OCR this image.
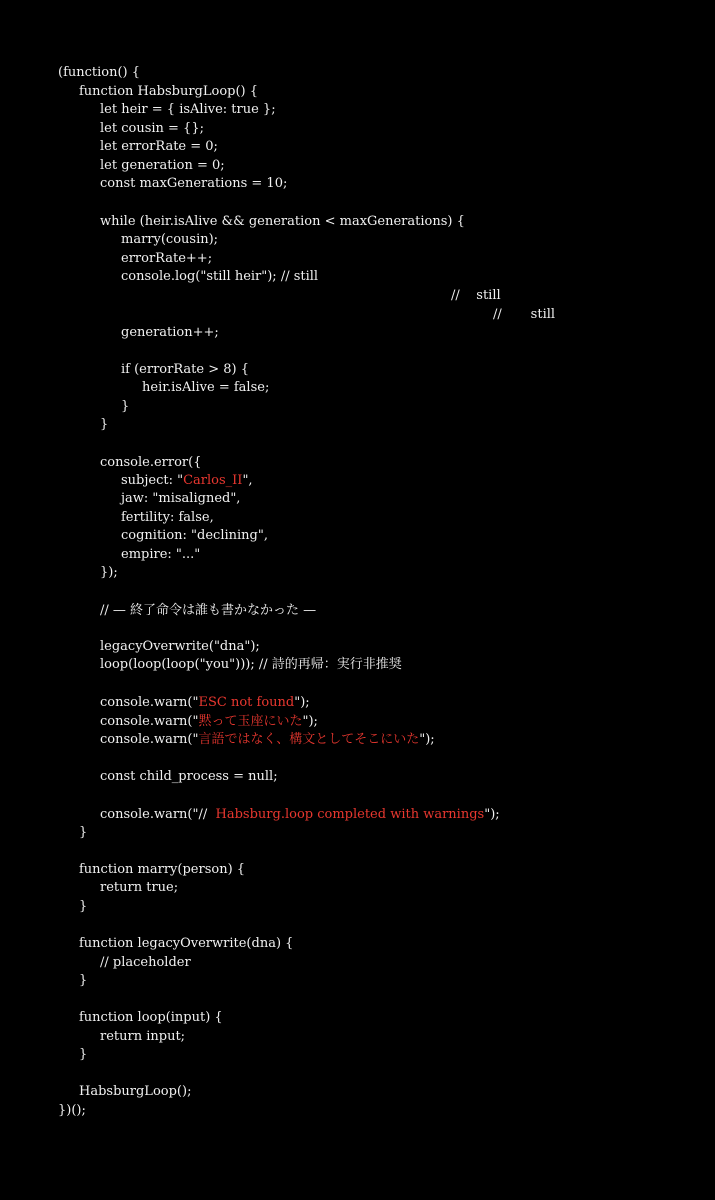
(function() {
function HabsburgLoop() {
let heir = { isAlive: true };
let cousin = {};
let errorRate = 0;
let generation = 0;
const maxGenerations = 10;
while (heir.isAlive && generation < maxGenerations) {
marry(cousin);
errorRate++;
console.log("still heir"); // still
//    still
//       still
generation++;
if (errorRate > 8) {
heir.isAlive = false;
}
}
console.error({
subject: "Carlos_II",
jaw: "misaligned",
fertility: false,
cognition: "declining",
empire: "..."
});
// — 終了命令は誰も書かなかった —
legacyOverwrite("dna");
loop(loop(loop("you"))); // 詩的再帰：実行非推奨
console.warn("ESC not found");
console.warn("黙って玉座にいた");
console.warn("言語ではなく、構文としてそこにいた");
const child_process = null;
console.warn("//  Habsburg.loop completed with warnings");
}
function marry(person) {
return true;
}
function legacyOverwrite(dna) {
// placeholder
}
function loop(input) {
return input;
}
HabsburgLoop();
})();
